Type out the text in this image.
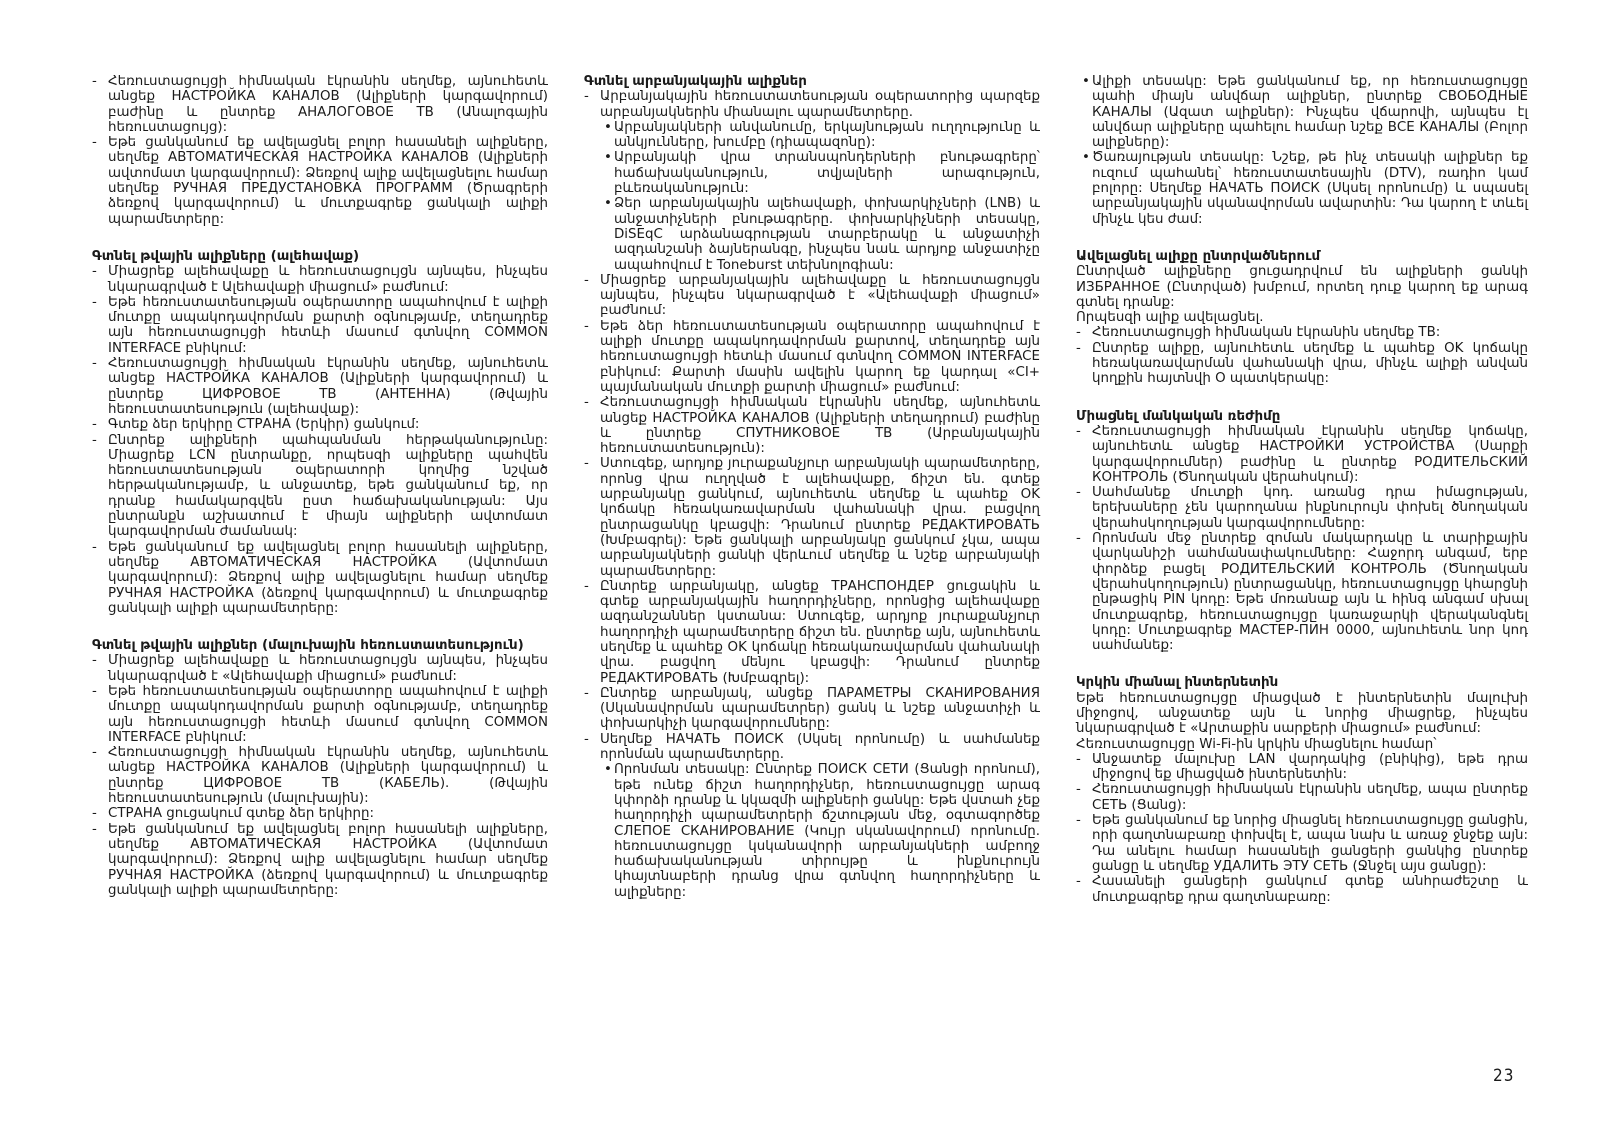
- Հեռուստացույցի հիմնական էկրանին սեղմեք, այնուհետև անցեք НАСТРОЙКА КАНАЛОВ (Ալիքների կարգավորում) բաժինը և ընտրեք АНАЛОГОВОЕ ТВ (Անալոգային հեռուստացույց):
- Եթե ցանկանում եք ավելացնել բոլոր հասանելի ալիքները, սեղմեք АВТОМАТИЧЕСКАЯ НАСТРОЙКА КАНАЛОВ (Ալիքների ավտոմատ կարգավորում): Ձեռքով ալիք ավելացնելու համար սեղմեք РУЧНАЯ ПРЕДУСТАНОВКА ПРОГРАММ (Ծրագրերի ձեռքով կարգավորում) և մուտքագրեք ցանկալի ալիքի պարամետրերը:
Գտնել թվային ալիքները (ալեհավաք)
- Միացրեք ալեհավաքը և հեռուստացույցն այնպես, ինչպես նկարագրված է Ալեհավաքի միացում» բաժնում:
- Եթե հեռուստատեսության օպերատորը ապահովում է ալիքի մուտքը ապակոդավորման քարտի օգնությամբ, տեղադրեք այն հեռուստացույցի հետևի մասում գտնվող COMMON INTERFACE բնիկում:
- Հեռուստացույցի հիմնական էկրանին սեղմեք, այնուհետև անցեք НАСТРОЙКА КАНАЛОВ (Ալիքների կարգավորում) և ընտրեք ЦИФРОВОЕ ТВ (АНТЕННА) (Թվային հեռուստատեսություն (ալեհավաք):
- Գտեք ձեր երկիրը СТРАНА (Երկիր) ցանկում:
- Ընտրեք ալիքների պահպանման հերթականությունը: Միացրեք LCN ընտրանքը, որպեսզի ալիքները պահվեն հեռուստատեսության օպերատորի կողմից նշված հերթականությամբ, և անջատեք, եթե ցանկանում եք, որ դրանք համակարգվեն ըստ հաճախականության: Այս ընտրանքն աշխատում է միայն ալիքների ավտոմատ կարգավորման ժամանակ:
- Եթե ցանկանում եք ավելացնել բոլոր հասանելի ալիքները, սեղմեք АВТОМАТИЧЕСКАЯ НАСТРОЙКА (Ավտոմատ կարգավորում): Ձեռքով ալիք ավելացնելու համար սեղմեք РУЧНАЯ НАСТРОЙКА (ձեռքով կարգավորում) և մուտքագրեք ցանկալի ալիքի պարամետրերը:
Գտնել թվային ալիքներ (մալուխային հեռուստատեսություն)
- Միացրեք ալեհավաքը և հեռուստացույցն այնպես, ինչպես նկարագրված է «Ալեհավաքի միացում» բաժնում:
- Եթե հեռուստատեսության օպերատորը ապահովում է ալիքի մուտքը ապակոդավորման քարտի օգնությամբ, տեղադրեք այն հեռուստացույցի հետևի մասում գտնվող COMMON INTERFACE բնիկում:
- Հեռուստացույցի հիմնական էկրանին սեղմեք, այնուհետև անցեք НАСТРОЙКА КАНАЛОВ (Ալիքների կարգավորում) և ընտրեք ЦИФРОВОЕ ТВ (КАБЕЛЬ). (Թվային հեռուստատեսություն (մալուխային):
- СТРАНА ցուցակում գտեք ձեր երկիրը:
- Եթե ցանկանում եք ավելացնել բոլոր հասանելի ալիքները, սեղմեք АВТОМАТИЧЕСКАЯ НАСТРОЙКА (Ավտոմատ կարգավորում): Ձեռքով ալիք ավելացնելու համար սեղմեք РУЧНАЯ НАСТРОЙКА (ձեռքով կարգավորում) և մուտքագրեք ցանկալի ալիքի պարամետրերը:
Գտնել արբանյակային ալիքներ
- Արբանյակային հեռուստատեսության օպերատորից պարզեք արբանյակներին միանալու պարամետրերը.
• Արբանյակների անվանումը, երկայնության ուղղությունը և անկյունները, խումբը (դիապազոնը):
• Արբանյակի վրա տրանսպոնդերների բնութագրերը՝ հաճախականություն, տվյալների արագություն, բևեռականություն:
• Ձեր արբանյակային ալեհավաքի, փոխարկիչների (LNB) և անջատիչների բնութագրերը. փոխարկիչների տեսակը, DiSEqC արձանագրության տարբերակը և անջատիչի ազդանշանի ձայներանգը, ինչպես նաև արդյոք անջատիչը ապահովում է Toneburst տեխնոլոգիան:
- Միացրեք արբանյակային ալեհավաքը և հեռուստացույցն այնպես, ինչպես նկարագրված է «Ալեհավաքի միացում» բաժնում:
- Եթե ձեր հեռուստատեսության օպերատորը ապահովում է ալիքի մուտքը ապակոդավորման քարտով, տեղադրեք այն հեռուստացույցի հետևի մասում գտնվող COMMON INTERFACE բնիկում: Քարտի մասին ավելին կարող եք կարդալ «CI+ պայմանական մուտքի քարտի միացում» բաժնում:
- Հեռուստացույցի հիմնական էկրանին սեղմեք, այնուհետև անցեք НАСТРОЙКА КАНАЛОВ (Ալիքների տեղադրում) բաժինը և ընտրեք СПУТНИКОВОЕ ТВ (Արբանյակային հեռուստատեսություն):
- Ստուգեք, արդյոք յուրաքանչյուր արբանյակի պարամետրերը, որոնց վրա ուղղված է ալեհավաքը, ճիշտ են. գտեք արբանյակը ցանկում, այնուհետև սեղմեք և պահեք OK կոճակը հեռակառավարման վահանակի վրա. բացվող ընտրացանկը կբացվի: Դրանում ընտրեք РЕДАКТИРОВАТЬ (Խմբագրել): Եթե ցանկալի արբանյակը ցանկում չկա, ապա արբանյակների ցանկի վերևում սեղմեք և նշեք արբանյակի պարամետրերը:
- Ընտրեք արբանյակը, անցեք ТРАНСПОНДЕР ցուցակին և գտեք արբանյակային հաղորդիչները, որոնցից ալեհավաքը ազդանշաններ կստանա: Ստուգեք, արդյոք յուրաքանչյուր հաղորդիչի պարամետրերը ճիշտ են. ընտրեք այն, այնուհետև սեղմեք և պահեք OK կոճակը հեռակառավարման վահանակի վրա. բացվող մենյու կբացվի: Դրանում ընտրեք РЕДАКТИРОВАТЬ (Խմբագրել):
- Ընտրեք արբանյակ, անցեք ПАРАМЕТРЫ СКАНИРОВАНИЯ (Սկանավորման պարամետրեր) ցանկ և նշեք անջատիչի և փոխարկիչի կարգավորումները:
- Սեղմեք НАЧАТЬ ПОИСК (Սկսել որոնումը) և սահմանեք որոնման պարամետրերը.
• Որոնման տեսակը: Ընտրեք ПОИСК СЕТИ (Ցանցի որոնում), եթե ունեք ճիշտ հաղորդիչներ, հեռուստացույցը արագ կփորձի դրանք և կկազմի ալիքների ցանկը: Եթե վստահ չեք հաղորդիչի պարամետրերի ճշտության մեջ, օգտագործեք СЛЕПОЕ СКАНИРОВАНИЕ (Կույր սկանավորում) որոնումը. հեռուստացույցը կսկանավորի արբանյակների ամբողջ հաճախականության տիրույթը և ինքնուրույն կհայտնաբերի դրանց վրա գտնվող հաղորդիչները և ալիքները:
• Ալիքի տեսակը: Եթե ցանկանում եք, որ հեռուստացույցը պահի միայն անվճար ալիքներ, ընտրեք СВОБОДНЫЕ КАНАЛЫ (Ազատ ալիքներ): Ինչպես վճարովի, այնպես էլ անվճար ալիքները պահելու համար նշեք ВСЕ КАНАЛЫ (Բոլոր ալիքները):
• Ծառայության տեսակը: Նշեք, թե ինչ տեսակի ալիքներ եք ուզում պահանել՝ հեռուստատեսային (DTV), ռադիո կամ բոլորը: Սեղմեք НАЧАТЬ ПОИСК (Սկսել որոնումը) և սպասել արբանյակային սկանավորման ավարտին: Դա կարող է տևել մինչև կես ժամ:
Ավելացնել ալիքը ընտրվածներում

Ընտրված ալիքները ցուցադրվում են ալիքների ցանկի ИЗБРАННОЕ (Ընտրված) խմբում, որտեղ դուք կարող եք արագ գտնել դրանք:
Որպեսզի ալիք ավելացնել.

- Հեռուստացույցի հիմնական էկրանին սեղմեք ТВ:
- Ընտրեք ալիքը, այնուհետև սեղմեք և պահեք OK կոճակը հեռակառավարման վահանակի վրա, մինչև ալիքի անվան կողքին հայտնվի O պատկերակը:
Միացնել մանկական ռեժիմը
- Հեռուստացույցի հիմնական էկրանին սեղմեք կոճակը, այնուհետև անցեք НАСТРОЙКИ УСТРОЙСТВА (Սարքի կարգավորումներ) բաժինը և ընտրեք РОДИТЕЛЬСКИЙ КОНТРОЛЬ (Ծնողական վերահսկում):
- Սահմանեք մուտքի կոդ. առանց դրա իմացության, երեխաները չեն կարողանա ինքնուրույն փոխել ծնողական վերահսկողության կարգավորումները:
- Որոնման մեջ ընտրեք զոման մակարդակը և տարիքային վարկանիշի սահմանափակումները: Հաջորդ անգամ, երբ փորձեք բացել РОДИТЕЛЬСКИЙ КОНТРОЛЬ (Ծնողական վերահսկողություն) ընտրացանկը, հեռուստացույցը կհարցնի ընթացիկ PIN կոդը: Եթե մոռանաք այն և հինգ անգամ սխալ մուտքագրեք, հեռուստացույցը կառաջարկի վերականգնել կոդը: Մուտքագրեք МАСТЕР-ПИН 0000, այնուհետև նոր կոդ սահմանեք:
Կրկին միանալ ինտերնետին

Եթե հեռուստացույցը միացված է ինտերնետին մալուխի միջոցով, անջատեք այն և նորից միացրեք, ինչպես նկարագրված է «Արտաքին սարքերի միացում» բաժնում:
Հեռուստացույցը Wi-Fi-ին կրկին միացնելու համար՝

- Անջատեք մալուխը LAN վարդակից (բնիկից), եթե դրա միջոցով եք միացված ինտերնետին:
- Հեռուստացույցի հիմնական էկրանին սեղմեք, ապա ընտրեք СЕТЬ (Ցանց):
- Եթե ցանկանում եք նորից միացնել հեռուստացույցը ցանցին, որի գաղտնաբառը փոխվել է, ապա նախ և առաջ ջնջեք այն: Դա անելու համար հասանելի ցանցերի ցանկից ընտրեք ցանցը և սեղմեք УДАЛИТЬ ЭТУ СЕТЬ (Ջնջել այս ցանցը):
- Հասանելի ցանցերի ցանկում գտեք անհրաժեշտը և մուտքագրեք դրա գաղտնաբառը:
23
